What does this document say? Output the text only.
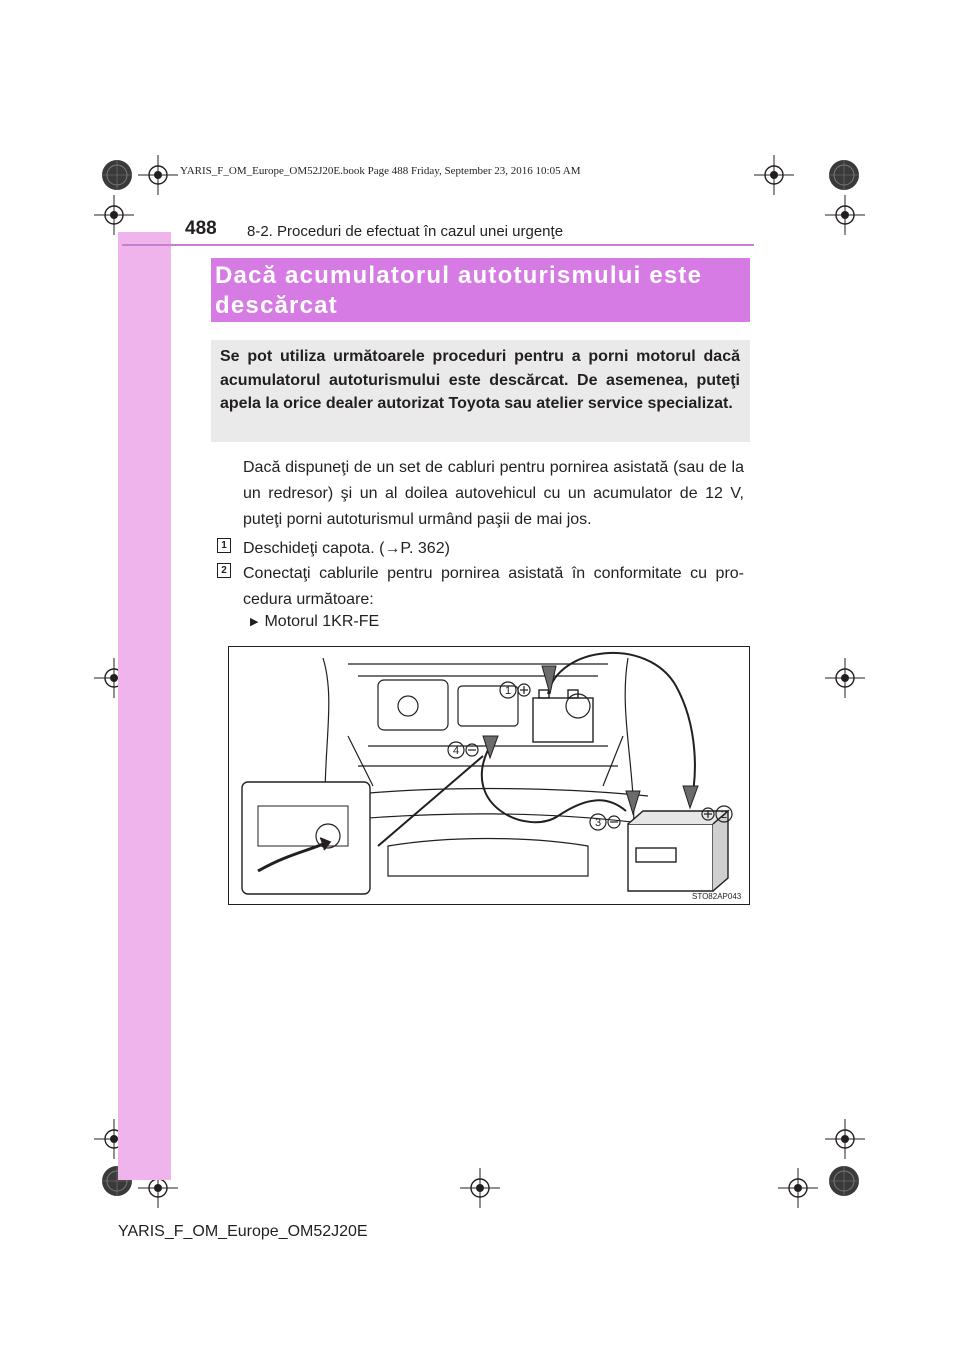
YARIS_F_OM_Europe_OM52J20E.book Page 488 Friday, September 23, 2016 10:05 AM
488 8-2. Proceduri de efectuat în cazul unei urgenţe
Dacă acumulatorul autoturismului este descărcat
Se pot utiliza următoarele proceduri pentru a porni motorul dacă acumulatorul autoturismului este descărcat. De asemenea, puteţi apela la orice dealer autorizat Toyota sau atelier service specializat.
Dacă dispuneţi de un set de cabluri pentru pornirea asistată (sau de la un redresor) şi un al doilea autovehicul cu un acumulator de 12 V, puteţi porni autoturismul urmând paşii de mai jos.
1 Deschideţi capota. (→P. 362)
2 Conectaţi cablurile pentru pornirea asistată în conformitate cu pro-cedura următoare:
▶ Motorul 1KR-FE
1
4
3
2
STO82AP043
YARIS_F_OM_Europe_OM52J20E
